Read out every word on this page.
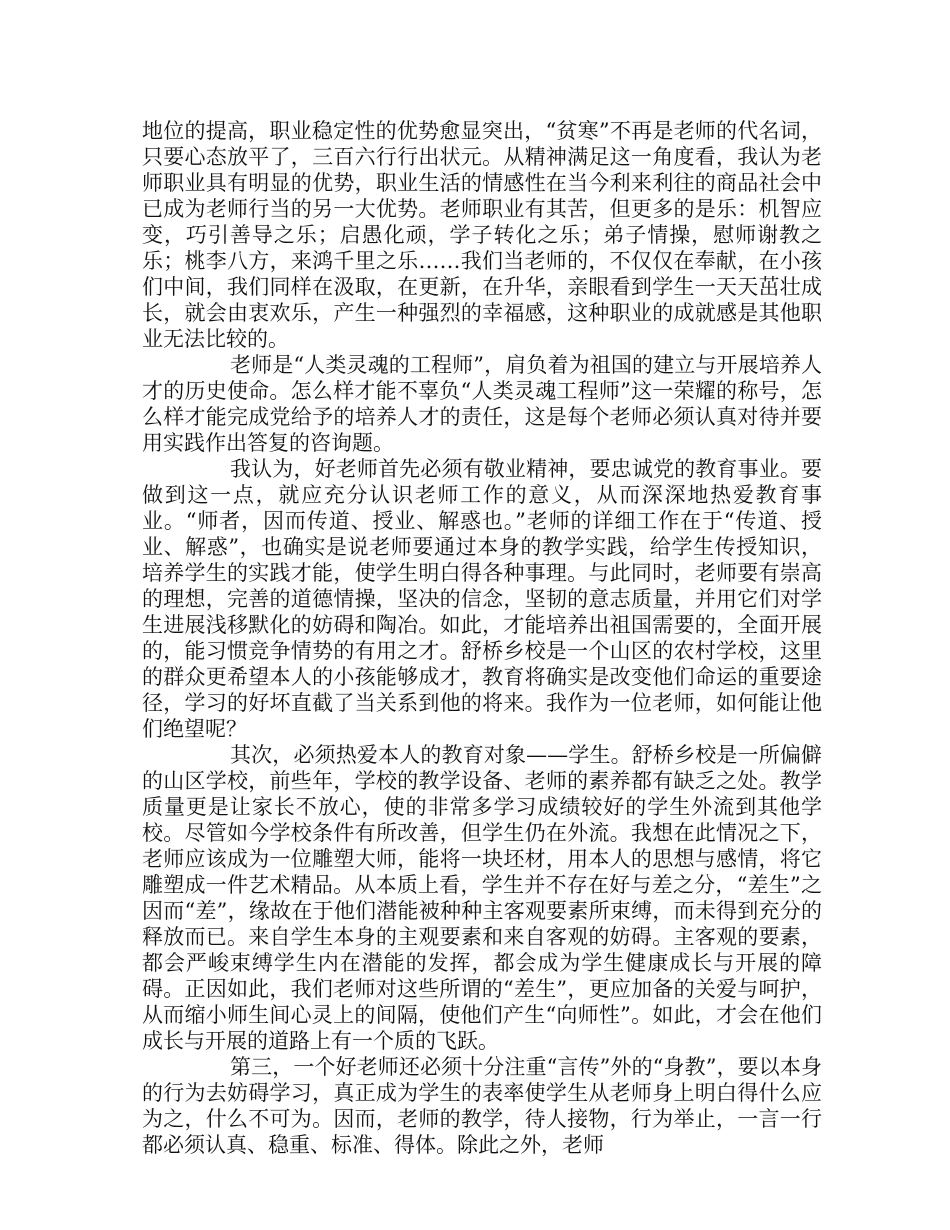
地位的提高，职业稳定性的优势愈显突出，“贫寒”不再是老师的代名词，只要心态放平了，三百六行行出状元。从精神满足这一角度看，我认为老师职业具有明显的优势，职业生活的情感性在当今利来利往的商品社会中已成为老师行当的另一大优势。老师职业有其苦，但更多的是乐：机智应变，巧引善导之乐；启愚化顽，学子转化之乐；弟子情操，慰师谢教之乐；桃李八方，来鸿千里之乐……我们当老师的，不仅仅在奉献，在小孩们中间，我们同样在汲取，在更新，在升华，亲眼看到学生一天天茁壮成长，就会由衷欢乐，产生一种强烈的幸福感，这种职业的成就感是其他职业无法比较的。

老师是“人类灵魂的工程师”，肩负着为祖国的建立与开展培养人才的历史使命。怎么样才能不辜负“人类灵魂工程师”这一荣耀的称号，怎么样才能完成党给予的培养人才的责任，这是每个老师必须认真对待并要用实践作出答复的咨询题。

我认为，好老师首先必须有敬业精神，要忠诚党的教育事业。要做到这一点，就应充分认识老师工作的意义，从而深深地热爱教育事业。“师者，因而传道、授业、解惑也。”老师的详细工作在于“传道、授业、解惑”，也确实是说老师要通过本身的教学实践，给学生传授知识，培养学生的实践才能，使学生明白得各种事理。与此同时，老师要有崇高的理想，完善的道德情操，坚决的信念，坚韧的意志质量，并用它们对学生进展浅移默化的妨碍和陶冶。如此，才能培养出祖国需要的，全面开展的，能习惯竞争情势的有用之才。舒桥乡校是一个山区的农村学校，这里的群众更希望本人的小孩能够成才，教育将确实是改变他们命运的重要途径，学习的好坏直截了当关系到他的将来。我作为一位老师，如何能让他们绝望呢？

其次，必须热爱本人的教育对象——学生。舒桥乡校是一所偏僻的山区学校，前些年，学校的教学设备、老师的素养都有缺乏之处。教学质量更是让家长不放心，使的非常多学习成绩较好的学生外流到其他学校。尽管如今学校条件有所改善，但学生仍在外流。我想在此情况之下，老师应该成为一位雕塑大师，能将一块坯材，用本人的思想与感情，将它雕塑成一件艺术精品。从本质上看，学生并不存在好与差之分，“差生”之因而“差”，缘故在于他们潜能被种种主客观要素所束缚，而未得到充分的释放而已。来自学生本身的主观要素和来自客观的妨碍。主客观的要素，都会严峻束缚学生内在潜能的发挥，都会成为学生健康成长与开展的障碍。正因如此，我们老师对这些所谓的“差生”，更应加备的关爱与呵护，从而缩小师生间心灵上的间隔，使他们产生“向师性”。如此，才会在他们成长与开展的道路上有一个质的飞跃。

第三，一个好老师还必须十分注重“言传”外的“身教”，要以本身的行为去妨碍学习，真正成为学生的表率使学生从老师身上明白得什么应为之，什么不可为。因而，老师的教学，待人接物，行为举止，一言一行都必须认真、稳重、标准、得体。除此之外，老师
